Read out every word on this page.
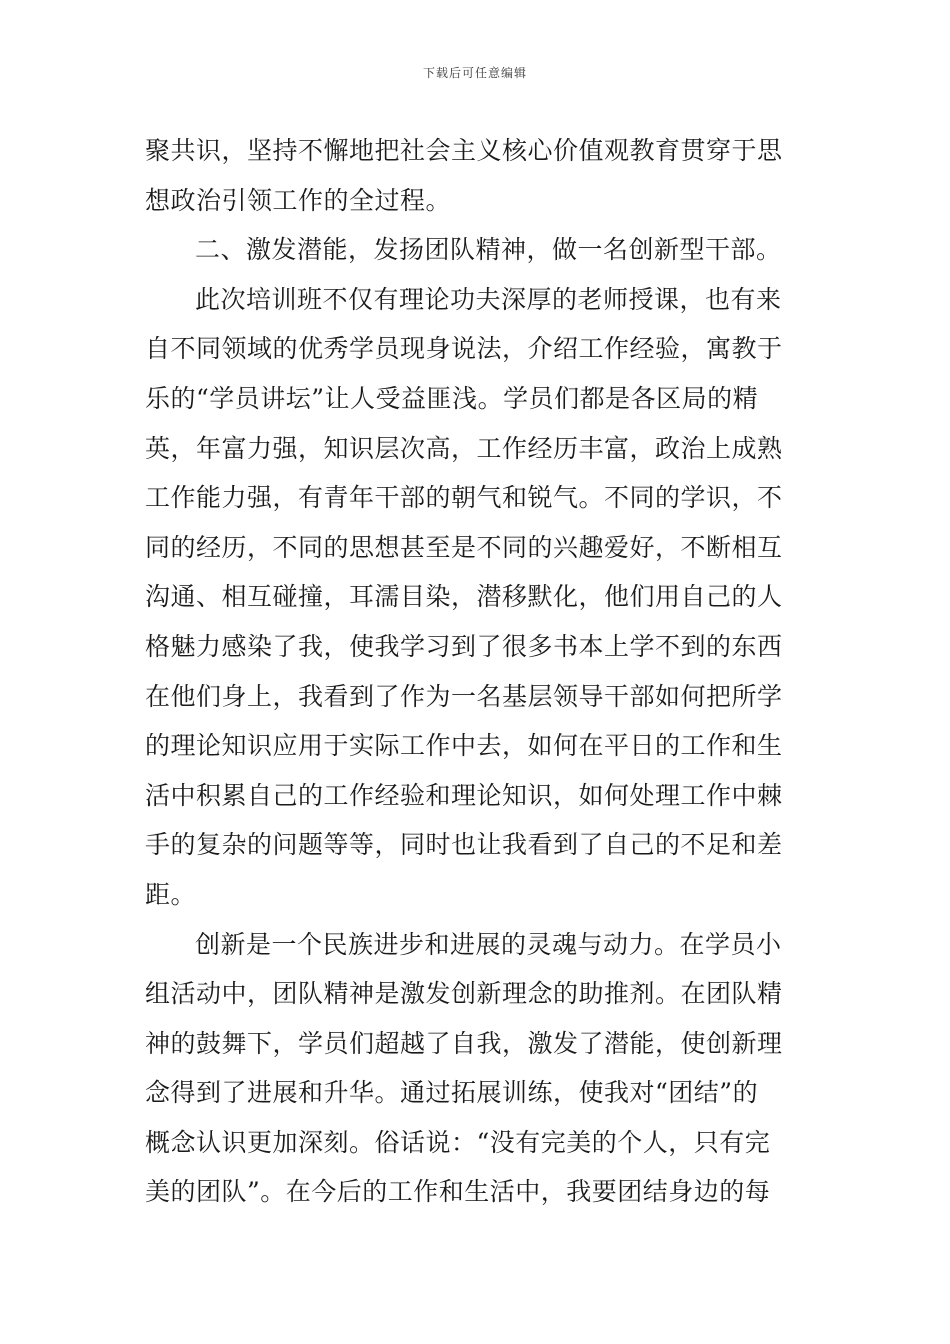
下载后可任意编辑
聚共识，坚持不懈地把社会主义核心价值观教育贯穿于思
想政治引领工作的全过程。
二、激发潜能，发扬团队精神，做一名创新型干部。
此次培训班不仅有理论功夫深厚的老师授课，也有来
自不同领域的优秀学员现身说法，介绍工作经验，寓教于
乐的“学员讲坛”让人受益匪浅。学员们都是各区局的精
英，年富力强，知识层次高，工作经历丰富，政治上成熟
工作能力强，有青年干部的朝气和锐气。不同的学识，不
同的经历，不同的思想甚至是不同的兴趣爱好，不断相互
沟通、相互碰撞，耳濡目染，潜移默化，他们用自己的人
格魅力感染了我，使我学习到了很多书本上学不到的东西
在他们身上，我看到了作为一名基层领导干部如何把所学
的理论知识应用于实际工作中去，如何在平日的工作和生
活中积累自己的工作经验和理论知识，如何处理工作中棘
手的复杂的问题等等，同时也让我看到了自己的不足和差
距。
创新是一个民族进步和进展的灵魂与动力。在学员小
组活动中，团队精神是激发创新理念的助推剂。在团队精
神的鼓舞下，学员们超越了自我，激发了潜能，使创新理
念得到了进展和升华。通过拓展训练，使我对“团结”的
概念认识更加深刻。俗话说：“没有完美的个人，只有完
美的团队”。在今后的工作和生活中，我要团结身边的每
